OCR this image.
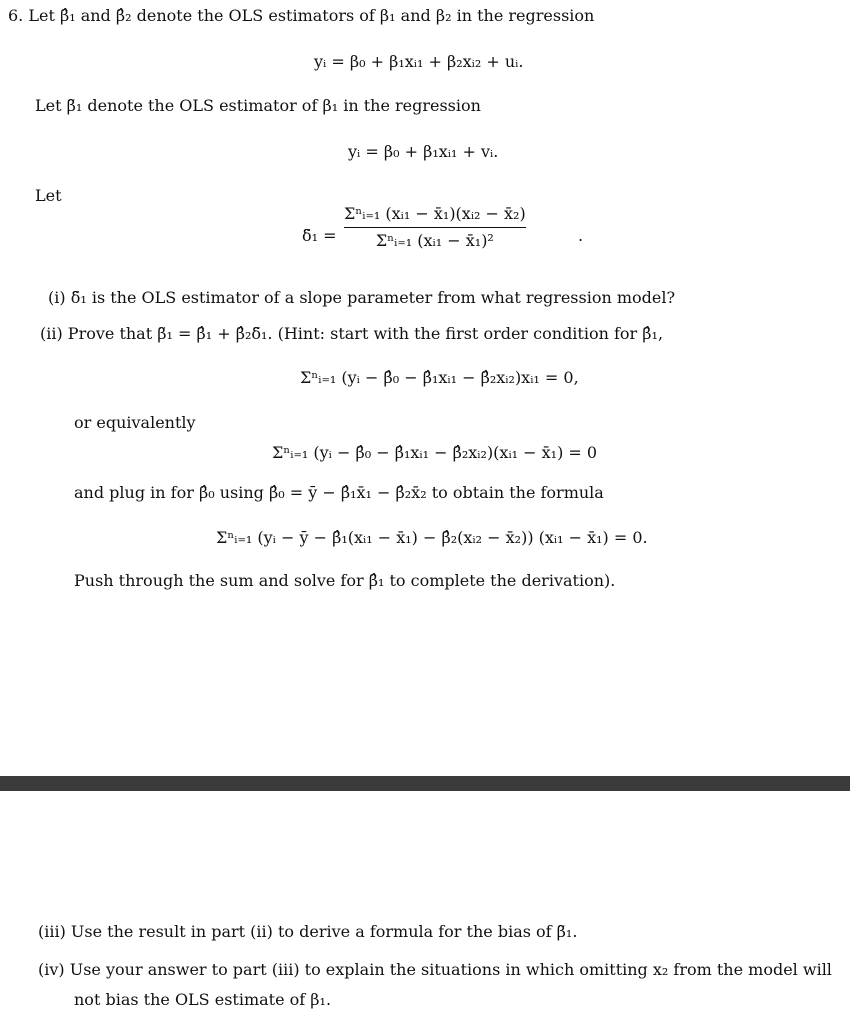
6. Let β̂₁ and β̂₂ denote the OLS estimators of β₁ and β₂ in the regression
yᵢ = β₀ + β₁xᵢ₁ + β₂xᵢ₂ + uᵢ.
Let β̃₁ denote the OLS estimator of β₁ in the regression
yᵢ = β₀ + β₁xᵢ₁ + vᵢ.
Let
δ̃₁ =
Σⁿᵢ₌₁ (xᵢ₁ − x̄₁)(xᵢ₂ − x̄₂)
Σⁿᵢ₌₁ (xᵢ₁ − x̄₁)²	.
(i) δ̃₁ is the OLS estimator of a slope parameter from what regression model?
(ii) Prove that β̃₁ = β̂₁ + β̂₂δ̃₁. (Hint: start with the first order condition for β̂₁,
Σⁿᵢ₌₁ (yᵢ − β̂₀ − β̂₁xᵢ₁ − β̂₂xᵢ₂)xᵢ₁ = 0,
or equivalently
Σⁿᵢ₌₁ (yᵢ − β̂₀ − β̂₁xᵢ₁ − β̂₂xᵢ₂)(xᵢ₁ − x̄₁) = 0
and plug in for β̂₀ using β̂₀ = ȳ − β̂₁x̄₁ − β̂₂x̄₂ to obtain the formula
Σⁿᵢ₌₁ (yᵢ − ȳ − β̂₁(xᵢ₁ − x̄₁) − β̂₂(xᵢ₂ − x̄₂)) (xᵢ₁ − x̄₁) = 0.
Push through the sum and solve for β̂₁ to complete the derivation).
(iii) Use the result in part (ii) to derive a formula for the bias of β̃₁.
(iv) Use your answer to part (iii) to explain the situations in which omitting x₂ from the model will
not bias the OLS estimate of β₁.
